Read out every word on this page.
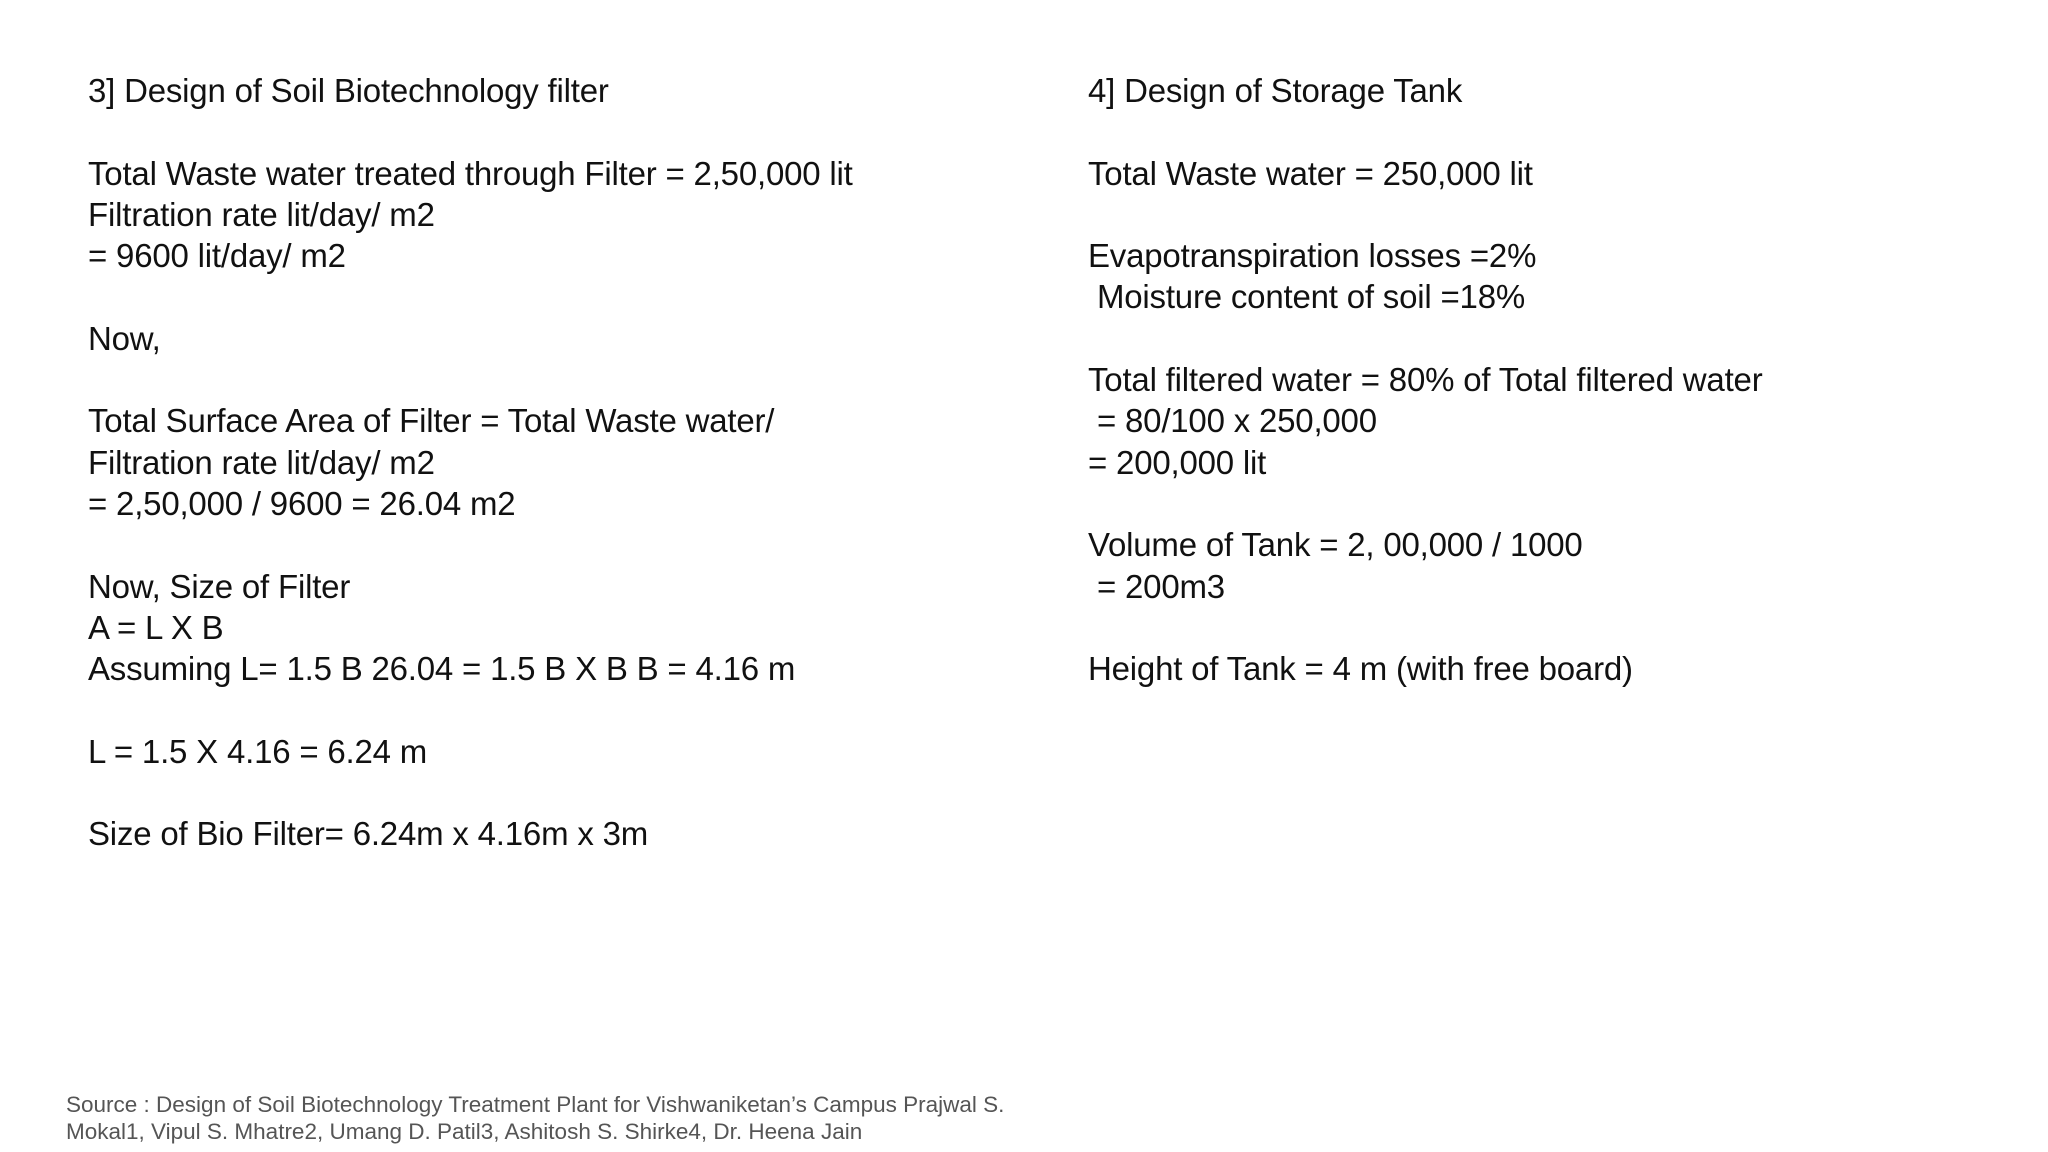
3] Design of Soil Biotechnology filter
Total Waste water treated through Filter = 2,50,000 lit
Filtration rate lit/day/ m2
= 9600 lit/day/ m2
Now,
Total Surface Area of Filter = Total Waste water/
Filtration rate lit/day/ m2
= 2,50,000 / 9600 = 26.04 m2
Now, Size of Filter
A = L X B
Assuming L= 1.5 B 26.04 = 1.5 B X B B = 4.16 m
L = 1.5 X 4.16 = 6.24 m
Size of Bio Filter= 6.24m x 4.16m x 3m
4] Design of Storage Tank
Total Waste water = 250,000 lit
Evapotranspiration losses =2%
Moisture content of soil =18%
Total filtered water = 80% of Total filtered water
= 80/100 x 250,000
= 200,000 lit
Volume of Tank = 2, 00,000 / 1000
= 200m3
Height of Tank = 4 m (with free board)
Source : Design of Soil Biotechnology Treatment Plant for Vishwaniketan’s Campus Prajwal S.
Mokal1, Vipul S. Mhatre2, Umang D. Patil3, Ashitosh S. Shirke4, Dr. Heena Jain
